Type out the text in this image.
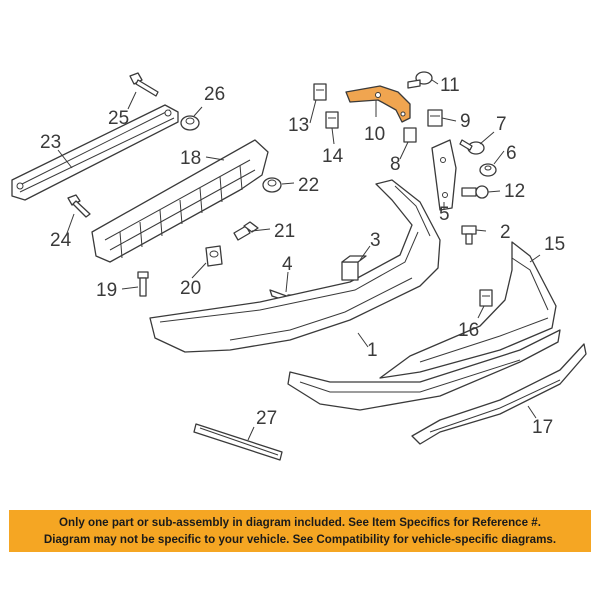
1
2
3
4
5
6
7
8
9
10
11
12
13
14
15
16
17
18
19	20
21
22
23
24
25
26
27
Only one part or sub-assembly in diagram included. See Item Specifics for Reference #.
Diagram may not be specific to your vehicle. See Compatibility for vehicle-specific diagrams.
